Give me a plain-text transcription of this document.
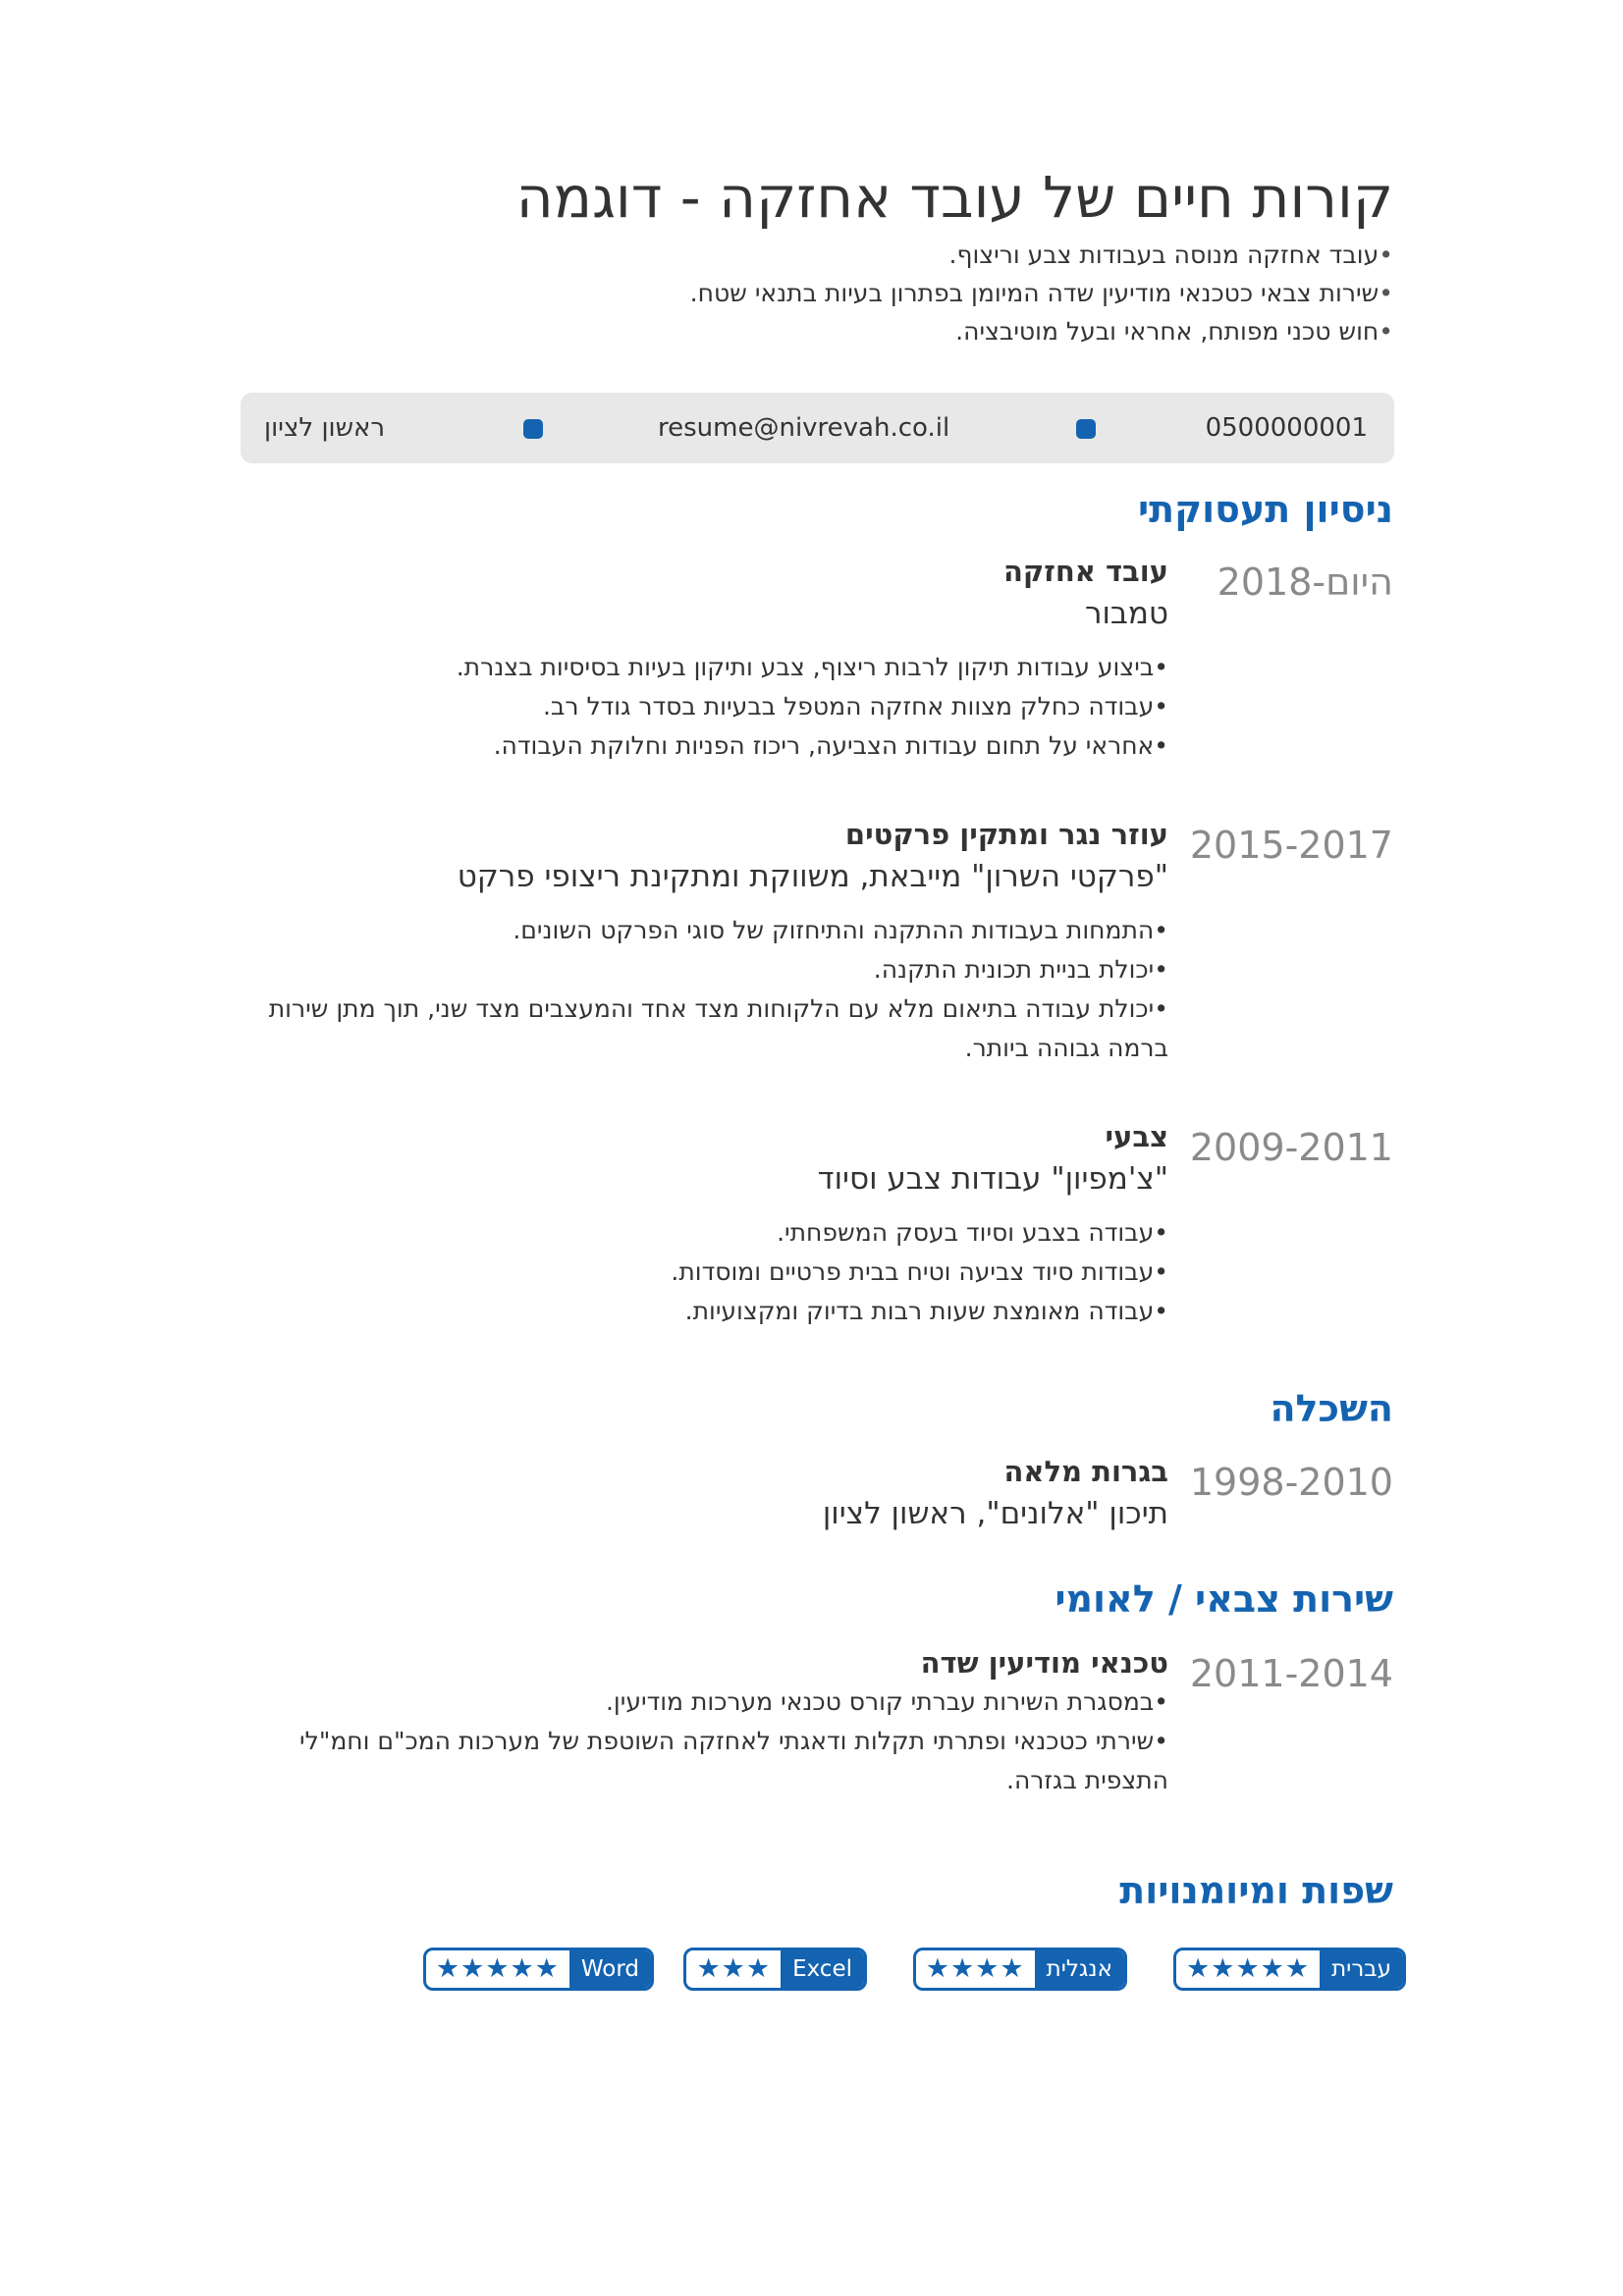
קורות חיים של עובד אחזקה - דוגמה
•עובד אחזקה מנוסה בעבודות צבע וריצוף.
•שירות צבאי כטכנאי מודיעין שדה המיומן בפתרון בעיות בתנאי שטח.
•חוש טכני מפותח, אחראי ובעל מוטיבציה.
0500000001
resume@nivrevah.co.il
ראשון לציון
ניסיון תעסוקתי
2018-היום
עובד אחזקה
טמבור
•ביצוע עבודות תיקון לרבות ריצוף, צבע ותיקון בעיות בסיסיות בצנרת.
•עבודה כחלק מצוות אחזקה המטפל בבעיות בסדר גודל רב.
•אחראי על תחום עבודות הצביעה, ריכוז הפניות וחלוקת העבודה.
2015-2017
עוזר נגר ומתקין פרקטים
"פרקטי השרון" מייבאת, משווקת ומתקינת ריצופי פרקט
•התמחות בעבודות ההתקנה והתיחזוק של סוגי הפרקט השונים.
•יכולת בניית תכונית התקנה.
•יכולת עבודה בתיאום מלא עם הלקוחות מצד אחד והמעצבים מצד שני, תוך מתן שירות ברמה גבוהה ביותר.
2009-2011
צבעי
"צ'מפיון" עבודות צבע וסיוד
•עבודה בצבע וסיוד בעסק המשפחתי.
•עבודות סיוד צביעה וטיח בבית פרטיים ומוסדות.
•עבודה מאומצת שעות רבות בדיוק ומקצועיות.
השכלה
1998-2010
בגרות מלאה
תיכון "אלונים", ראשון לציון
שירות צבאי / לאומי
2011-2014
טכנאי מודיעין שדה
•במסגרת השירות עברתי קורס טכנאי מערכות מודיעין.
•שירתי כטכנאי ופתרתי תקלות ודאגתי לאחזקה השוטפת של מערכות המכ"ם וחמ"לי התצפית בגזרה.
שפות ומיומנויות
עברית
★★★★★
אנגלית
★★★★
Excel
★★★
Word
★★★★★
